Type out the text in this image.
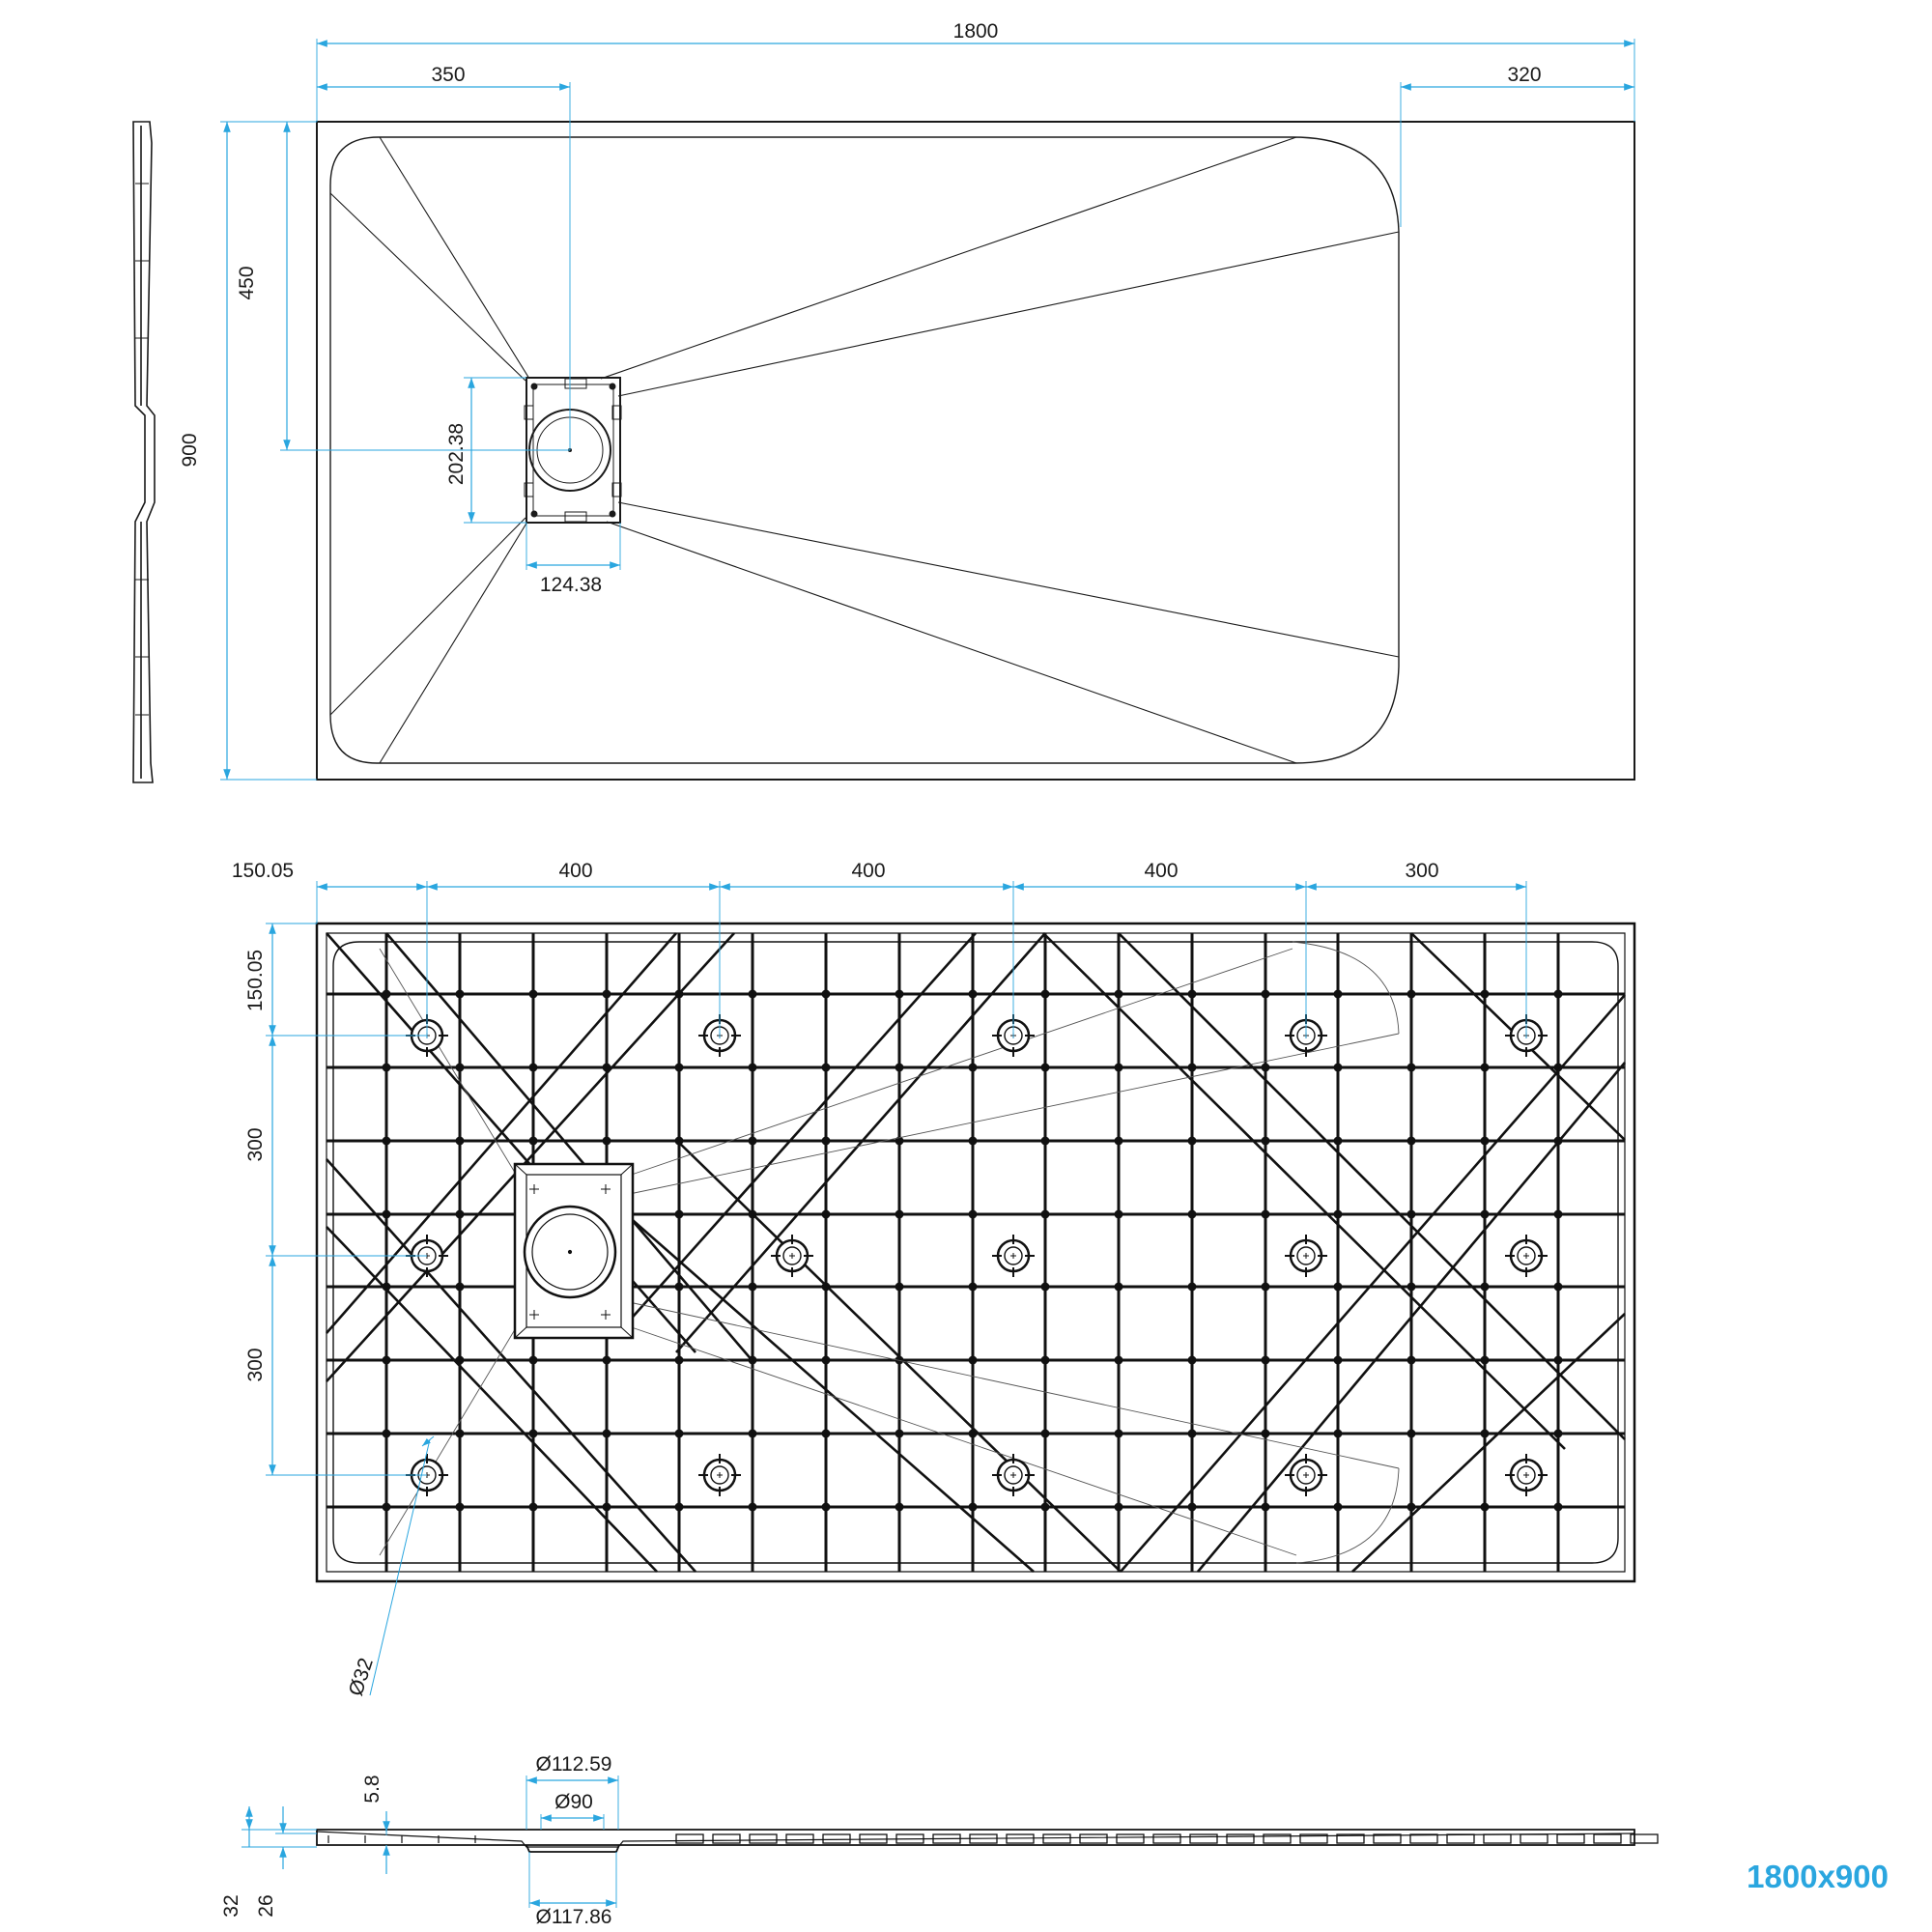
1800
350	320
450
900	202.38
124.38
150.05	400	400	400	300
150.05
300
300
Ø32
Ø112.59
Ø90
5.8
32 26	Ø117.86
1800x900
